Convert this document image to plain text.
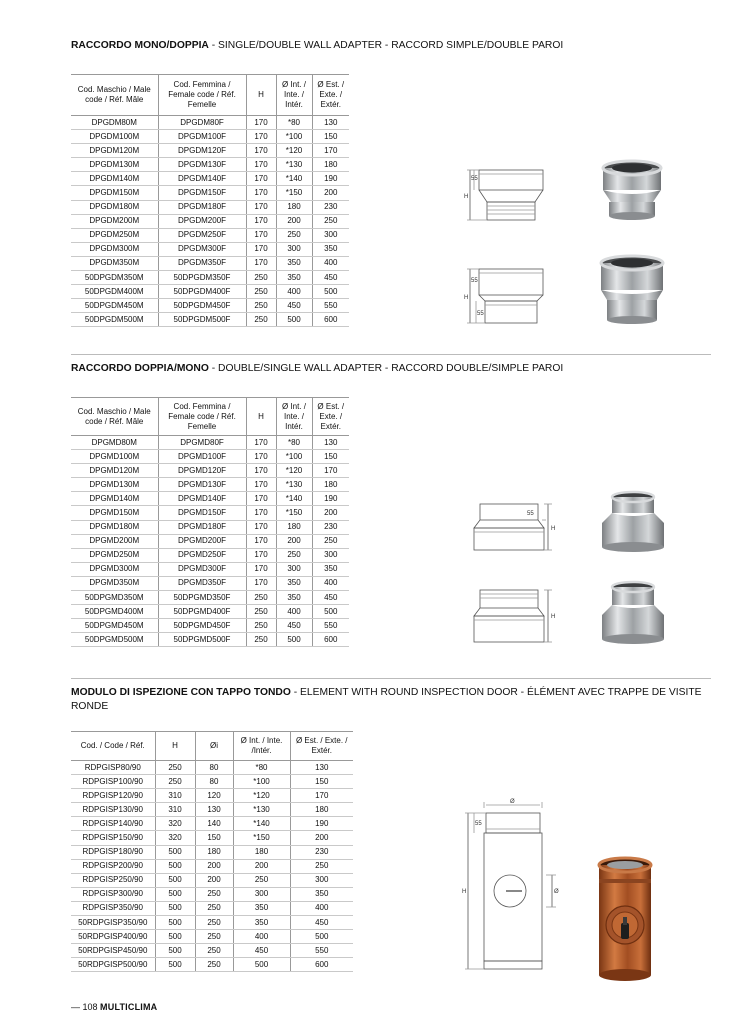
RACCORDO MONO/DOPPIA - SINGLE/DOUBLE WALL ADAPTER - RACCORD SIMPLE/DOUBLE PAROI
Cod. Maschio / Male code / Réf. Mâle	Cod. Femmina / Female code / Réf. Femelle	H	Ø Int. / Inte. / Intér.	Ø Est. / Exte. / Extér.
DPGDM80M	DPGDM80F	170	*80	130
DPGDM100M	DPGDM100F	170	*100	150
DPGDM120M	DPGDM120F	170	*120	170
DPGDM130M	DPGDM130F	170	*130	180
DPGDM140M	DPGDM140F	170	*140	190
DPGDM150M	DPGDM150F	170	*150	200
DPGDM180M	DPGDM180F	170	180	230
DPGDM200M	DPGDM200F	170	200	250
DPGDM250M	DPGDM250F	170	250	300
DPGDM300M	DPGDM300F	170	300	350
DPGDM350M	DPGDM350F	170	350	400
50DPGDM350M	50DPGDM350F	250	350	450
50DPGDM400M	50DPGDM400F	250	400	500
50DPGDM450M	50DPGDM450F	250	450	550
50DPGDM500M	50DPGDM500F	250	500	600
55
H
55
H
55
RACCORDO DOPPIA/MONO - DOUBLE/SINGLE WALL ADAPTER - RACCORD DOUBLE/SIMPLE PAROI
Cod. Maschio / Male code / Réf. Mâle	Cod. Femmina / Female code / Réf. Femelle	H	Ø Int. / Inte. / Intér.	Ø Est. / Exte. / Extér.
DPGMD80M	DPGMD80F	170	*80	130
DPGMD100M	DPGMD100F	170	*100	150
DPGMD120M	DPGMD120F	170	*120	170
DPGMD130M	DPGMD130F	170	*130	180
DPGMD140M	DPGMD140F	170	*140	190
DPGMD150M	DPGMD150F	170	*150	200
DPGMD180M	DPGMD180F	170	180	230
DPGMD200M	DPGMD200F	170	200	250
DPGMD250M	DPGMD250F	170	250	300
DPGMD300M	DPGMD300F	170	300	350
DPGMD350M	DPGMD350F	170	350	400
50DPGMD350M	50DPGMD350F	250	350	450
50DPGMD400M	50DPGMD400F	250	400	500
50DPGMD450M	50DPGMD450F	250	450	550
50DPGMD500M	50DPGMD500F	250	500	600
55
H
H
MODULO DI ISPEZIONE CON TAPPO TONDO - ELEMENT WITH ROUND INSPECTION DOOR - ÉLÉMENT AVEC TRAPPE DE VISITE RONDE
Cod. / Code / Réf.	H	Øi	Ø Int. / Inte. /Intér.	Ø Est. / Exte. / Extér.
RDPGISP80/90	250	80	*80	130
RDPGISP100/90	250	80	*100	150
RDPGISP120/90	310	120	*120	170
RDPGISP130/90	310	130	*130	180
RDPGISP140/90	320	140	*140	190
RDPGISP150/90	320	150	*150	200
RDPGISP180/90	500	180	180	230
RDPGISP200/90	500	200	200	250
RDPGISP250/90	500	200	250	300
RDPGISP300/90	500	250	300	350
RDPGISP350/90	500	250	350	400
50RDPGISP350/90	500	250	350	450
50RDPGISP400/90	500	250	400	500
50RDPGISP450/90	500	250	450	550
50RDPGISP500/90	500	250	500	600
Ø
55
H	Ø
— 108 MULTICLIMA
